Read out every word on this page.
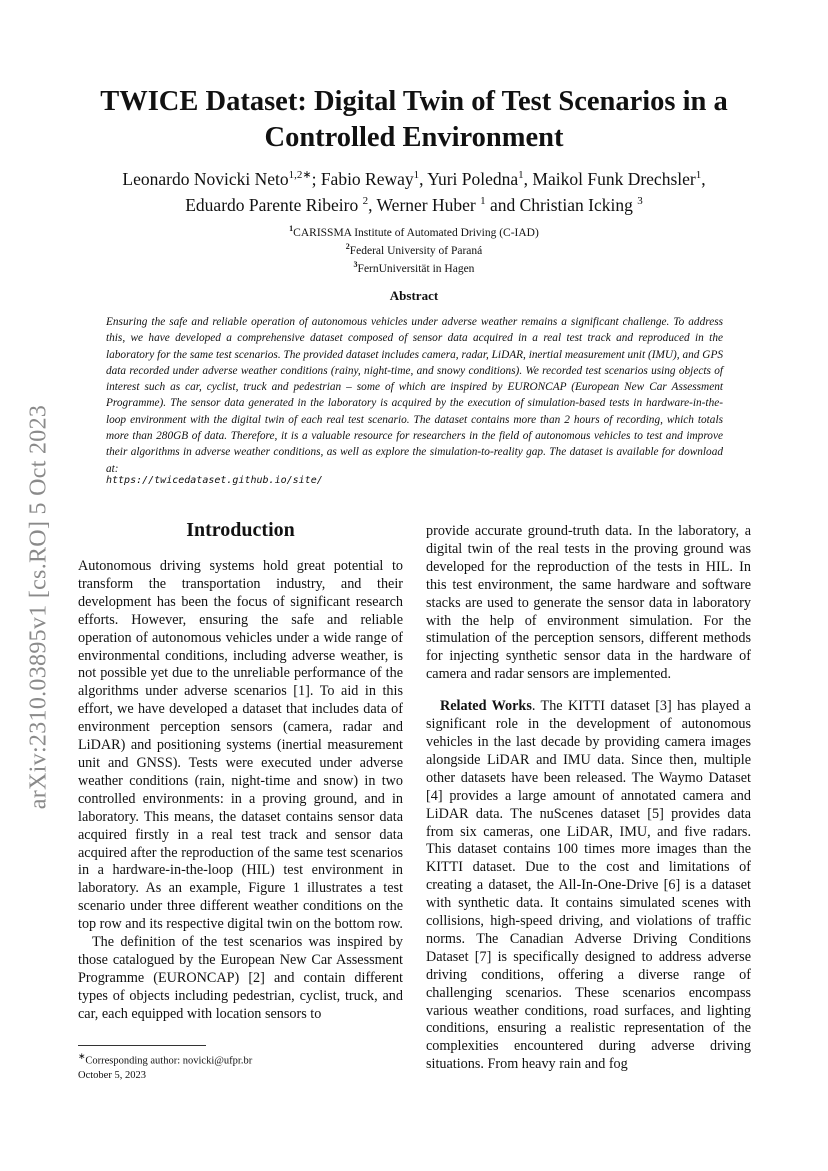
arXiv:2310.03895v1 [cs.RO] 5 Oct 2023
TWICE Dataset: Digital Twin of Test Scenarios in a
Controlled Environment
Leonardo Novicki Neto$^{1,2∗}$; Fabio Reway$^1$, Yuri Poledna$^1$, Maikol Funk Drechsler$^1$,
Eduardo Parente Ribeiro $^2$, Werner Huber $^1$ and Christian Icking $^3$
$^1$CARISSMA Institute of Automated Driving (C-IAD)
$^2$Federal University of Paraná
$^3$FernUniversität in Hagen
Abstract
Ensuring the safe and reliable operation of autonomous vehicles under adverse weather remains a significant challenge. To address this, we have developed a comprehensive dataset composed of sensor data acquired in a real test track and reproduced in the laboratory for the same test scenarios. The provided dataset includes camera, radar, LiDAR, inertial measurement unit (IMU), and GPS data recorded under adverse weather conditions (rainy, night-time, and snowy conditions). We recorded test scenarios using objects of interest such as car, cyclist, truck and pedestrian – some of which are inspired by EURONCAP (European New Car Assessment Programme). The sensor data generated in the laboratory is acquired by the execution of simulation-based tests in hardware-in-the-loop environment with the digital twin of each real test scenario. The dataset contains more than 2 hours of recording, which totals more than 280GB of data. Therefore, it is a valuable resource for researchers in the field of autonomous vehicles to test and improve their algorithms in adverse weather conditions, as well as explore the simulation-to-reality gap. The dataset is available for download at:
https://twicedataset.github.io/site/
Introduction

Autonomous driving systems hold great potential to transform the transportation industry, and their development has been the focus of significant research efforts. However, ensuring the safe and reliable operation of autonomous vehicles under a wide range of environmental conditions, including adverse weather, is not possible yet due to the unreliable performance of the algorithms under adverse scenarios [1]. To aid in this effort, we have developed a dataset that includes data of environment perception sensors (camera, radar and LiDAR) and positioning systems (inertial measurement unit and GNSS). Tests were executed under adverse weather conditions (rain, night-time and snow) in two controlled environments: in a proving ground, and in laboratory. This means, the dataset contains sensor data acquired firstly in a real test track and sensor data acquired after the reproduction of the same test scenarios in a hardware-in-the-loop (HIL) test environment in laboratory. As an example, Figure 1 illustrates a test scenario under three different weather conditions on the top row and its respective digital twin on the bottom row.

The definition of the test scenarios was inspired by those catalogued by the European New Car Assessment Programme (EURONCAP) [2] and contain different types of objects including pedestrian, cyclist, truck, and car, each equipped with location sensors to

provide accurate ground-truth data. In the laboratory, a digital twin of the real tests in the proving ground was developed for the reproduction of the tests in HIL. In this test environment, the same hardware and software stacks are used to generate the sensor data in laboratory with the help of environment simulation. For the stimulation of the perception sensors, different methods for injecting synthetic sensor data in the hardware of camera and radar sensors are implemented.

Related Works. The KITTI dataset [3] has played a significant role in the development of autonomous vehicles in the last decade by providing camera images alongside LiDAR and IMU data. Since then, multiple other datasets have been released. The Waymo Dataset [4] provides a large amount of annotated camera and LiDAR data. The nuScenes dataset [5] provides data from six cameras, one LiDAR, IMU, and five radars. This dataset contains 100 times more images than the KITTI dataset. Due to the cost and limitations of creating a dataset, the All-In-One-Drive [6] is a dataset with synthetic data. It contains simulated scenes with collisions, high-speed driving, and violations of traffic norms. The Canadian Adverse Driving Conditions Dataset [7] is specifically designed to address adverse driving conditions, offering a diverse range of challenging scenarios. These scenarios encompass various weather conditions, road surfaces, and lighting conditions, ensuring a realistic representation of the complexities encountered during adverse driving situations. From heavy rain and fog

∗Corresponding author: novicki@ufpr.br
October 5, 2023
